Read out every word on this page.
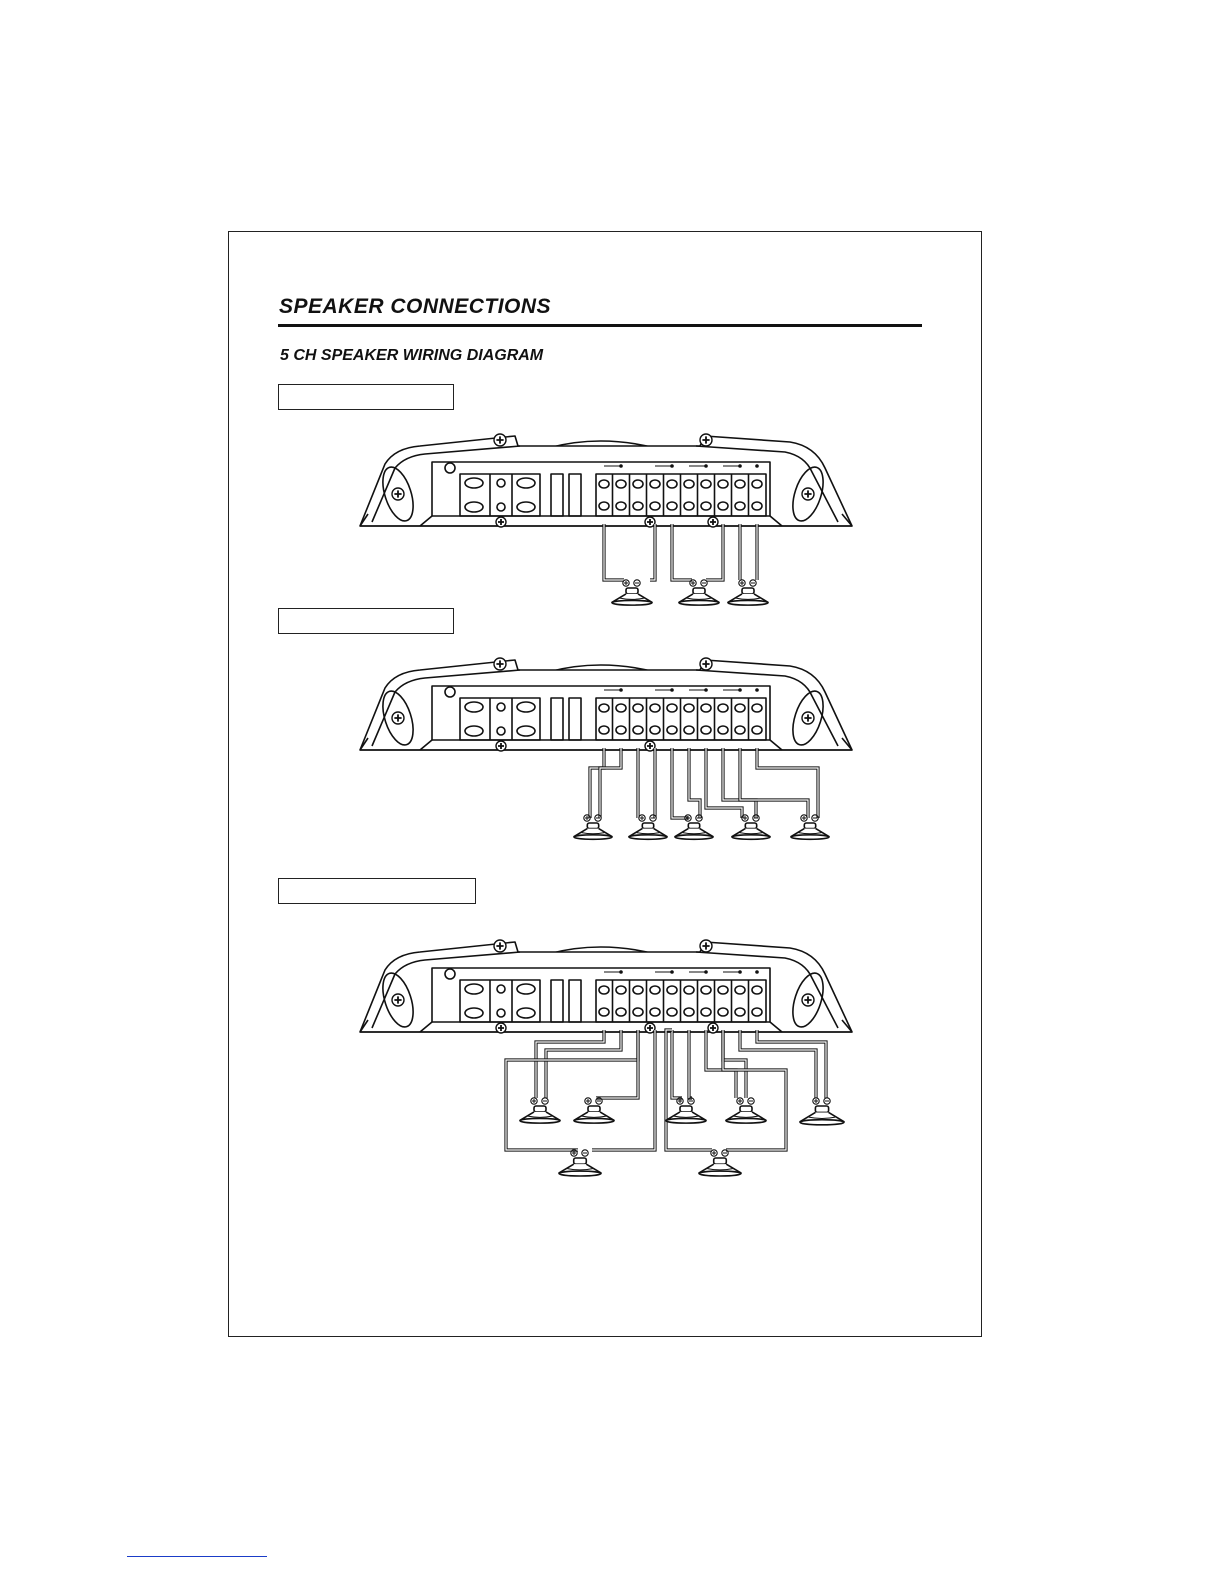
SPEAKER CONNECTIONS
5 CH SPEAKER WIRING DIAGRAM
